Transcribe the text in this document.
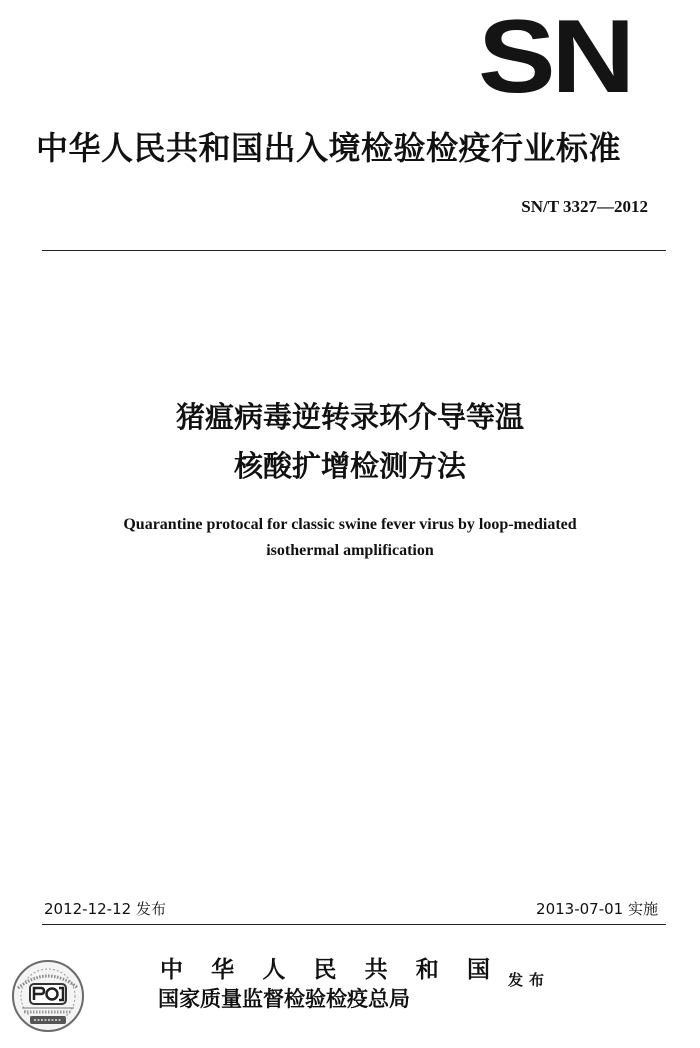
SN
中华人民共和国出入境检验检疫行业标准
SN/T 3327—2012
猪瘟病毒逆转录环介导等温
核酸扩增检测方法
Quarantine protocal for classic swine fever virus by loop-mediated
isothermal amplification
2012-12-12 发布	2013-07-01 实施
中 华 人 民 共 和 国
国家质量监督检验检疫总局
发布
